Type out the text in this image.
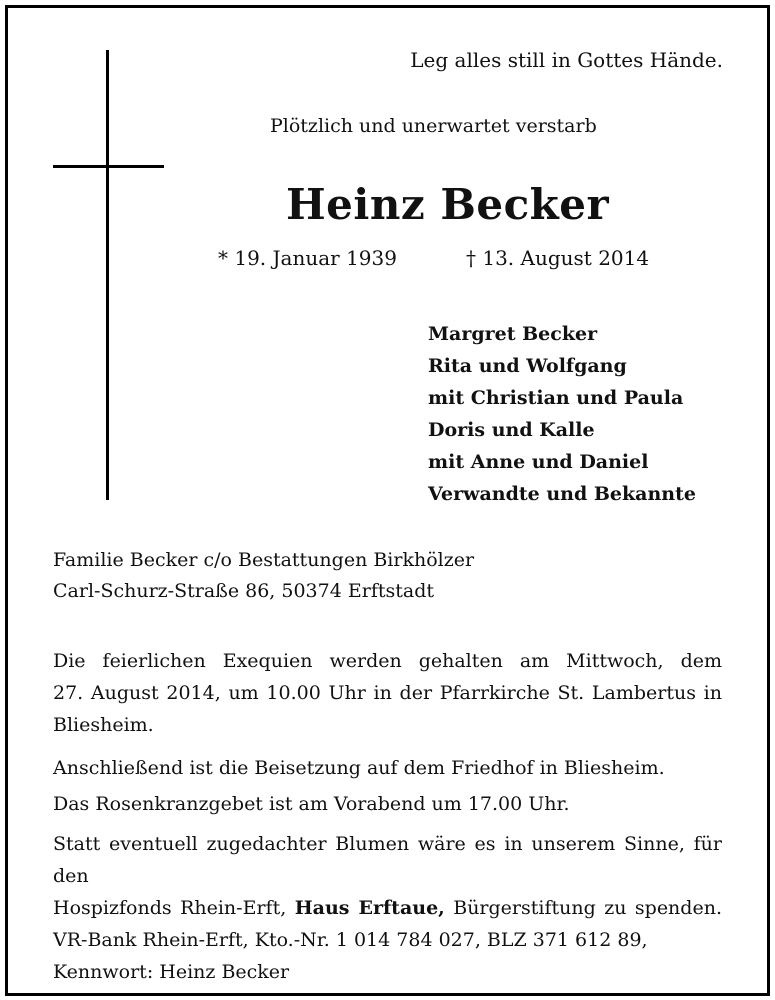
Leg alles still in Gottes Hände.
Plötzlich und unerwartet verstarb
Heinz Becker
* 19. Januar 1939	† 13. August 2014
Margret Becker
Rita und Wolfgang
mit Christian und Paula
Doris und Kalle
mit Anne und Daniel
Verwandte und Bekannte
Familie Becker c/o Bestattungen Birkhölzer
Carl-Schurz-Straße 86, 50374 Erftstadt
Die feierlichen Exequien werden gehalten am Mittwoch, dem
27. August 2014, um 10.00 Uhr in der Pfarrkirche St. Lambertus in
Bliesheim.
Anschließend ist die Beisetzung auf dem Friedhof in Bliesheim.
Das Rosenkranzgebet ist am Vorabend um 17.00 Uhr.
Statt eventuell zugedachter Blumen wäre es in unserem Sinne, für den
Hospizfonds Rhein-Erft, Haus Erftaue, Bürgerstiftung zu spenden.
VR-Bank Rhein-Erft, Kto.-Nr. 1 014 784 027, BLZ 371 612 89,
Kennwort: Heinz Becker
